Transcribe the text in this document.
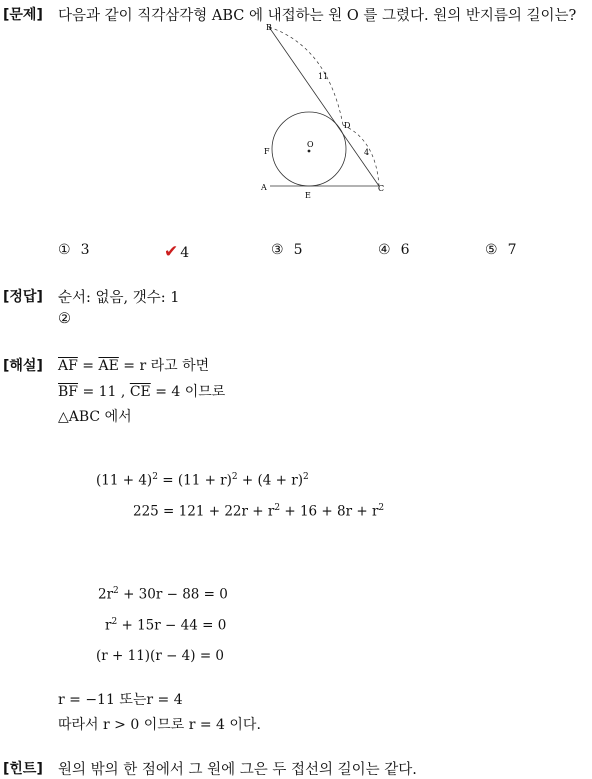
[문제] 다음과 같이 직각삼각형 ABC 에 내접하는 원 O 를 그렸다. 원의 반지름의 길이는?
B
A	C
D
E
F
O
11
4
① 3	✔ 4	③ 5	④ 6	⑤ 7
[정답] 순서: 없음, 갯수: 1
②
[해설] $\overline{AF} = \overline{AE} = r$ 라고 하면
$\overline{BF} = 11$ , $\overline{CE} = 4$ 이므로
△ABC 에서
$(11 + 4)^2 = (11 + r)^2 + (4 + r)^2$
$225 = 121 + 22r + r^2 + 16 + 8r + r^2$
$2r^2 + 30r - 88 = 0$
$r^2 + 15r - 44 = 0$
(r + 11)(r − 4) = 0
r = −11 또는r = 4
따라서 r > 0 이므로 r = 4 이다.
[힌트] 원의 밖의 한 점에서 그 원에 그은 두 접선의 길이는 같다.
